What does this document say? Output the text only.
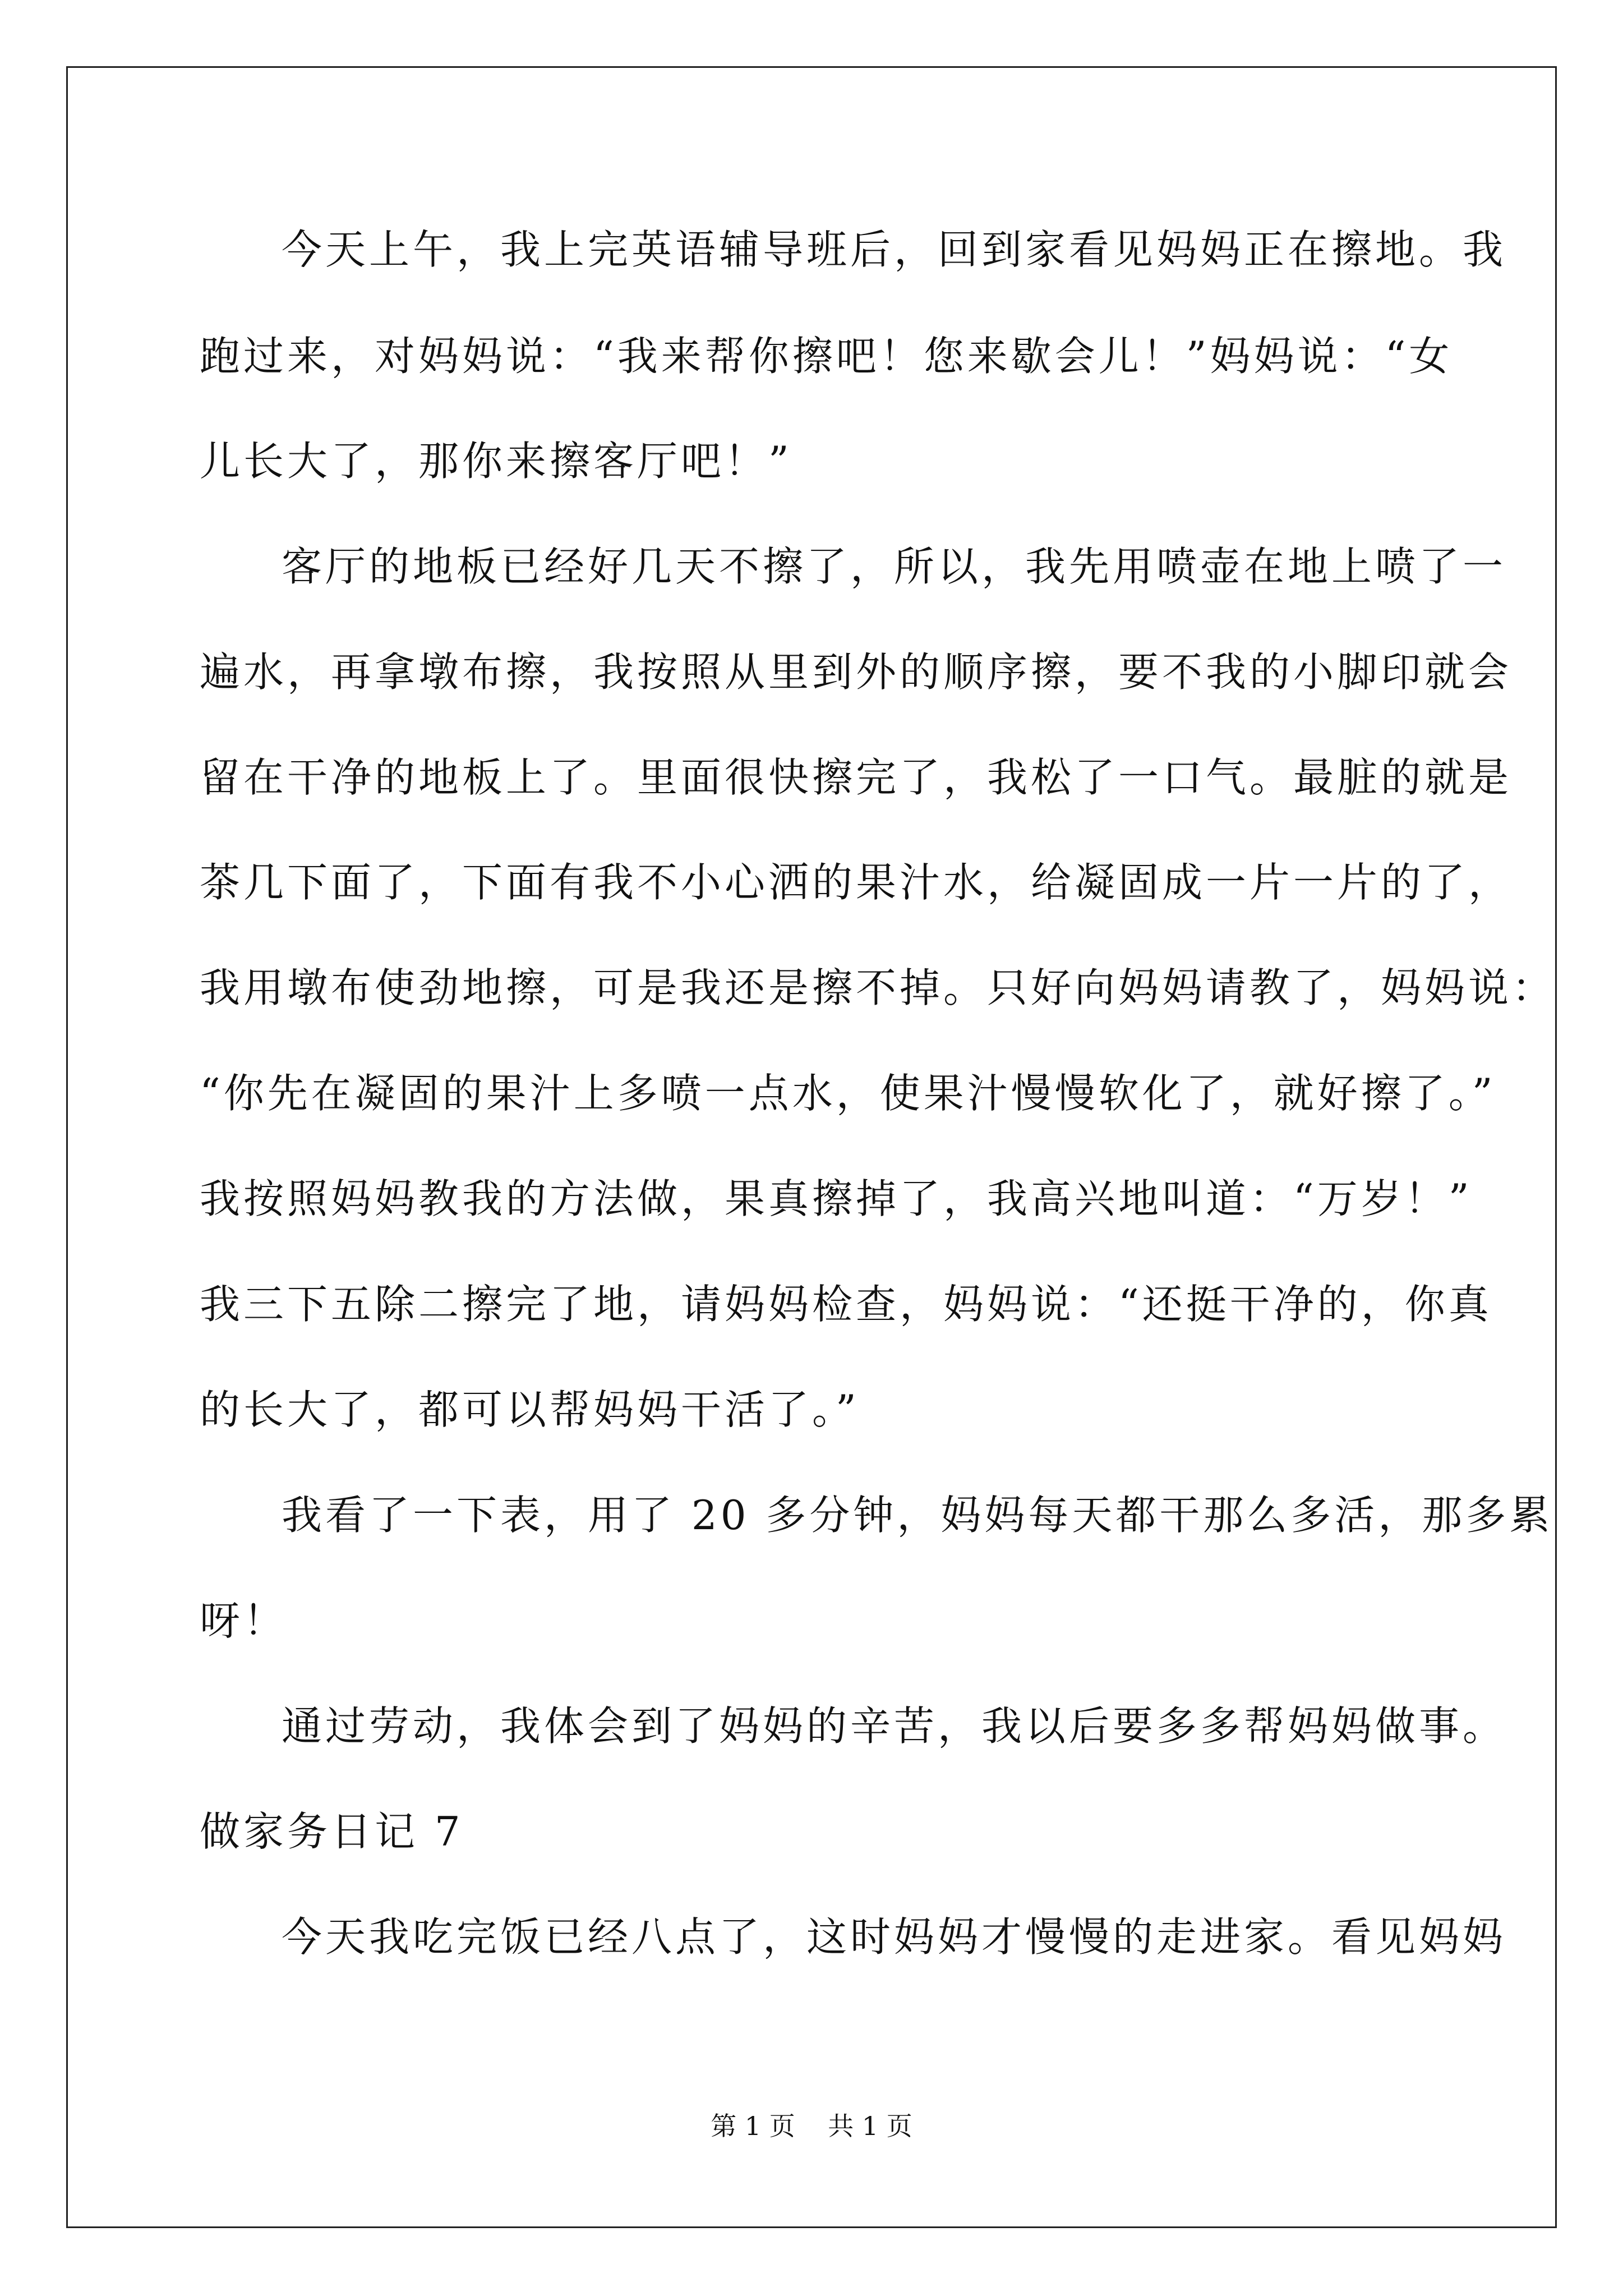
今天上午，我上完英语辅导班后，回到家看见妈妈正在擦地。我
跑过来，对妈妈说：“我来帮你擦吧！您来歇会儿！”妈妈说：“女
儿长大了，那你来擦客厅吧！”
客厅的地板已经好几天不擦了，所以，我先用喷壶在地上喷了一
遍水，再拿墩布擦，我按照从里到外的顺序擦，要不我的小脚印就会
留在干净的地板上了。里面很快擦完了，我松了一口气。最脏的就是
茶几下面了，下面有我不小心洒的果汁水，给凝固成一片一片的了，
我用墩布使劲地擦，可是我还是擦不掉。只好向妈妈请教了，妈妈说：
“你先在凝固的果汁上多喷一点水，使果汁慢慢软化了，就好擦了。”
我按照妈妈教我的方法做，果真擦掉了，我高兴地叫道：“万岁！”
我三下五除二擦完了地，请妈妈检查，妈妈说：“还挺干净的，你真
的长大了，都可以帮妈妈干活了。”
我看了一下表，用了 20 多分钟，妈妈每天都干那么多活，那多累
呀！
通过劳动，我体会到了妈妈的辛苦，我以后要多多帮妈妈做事。
做家务日记 7
今天我吃完饭已经八点了，这时妈妈才慢慢的走进家。看见妈妈
第 1 页    共 1 页
